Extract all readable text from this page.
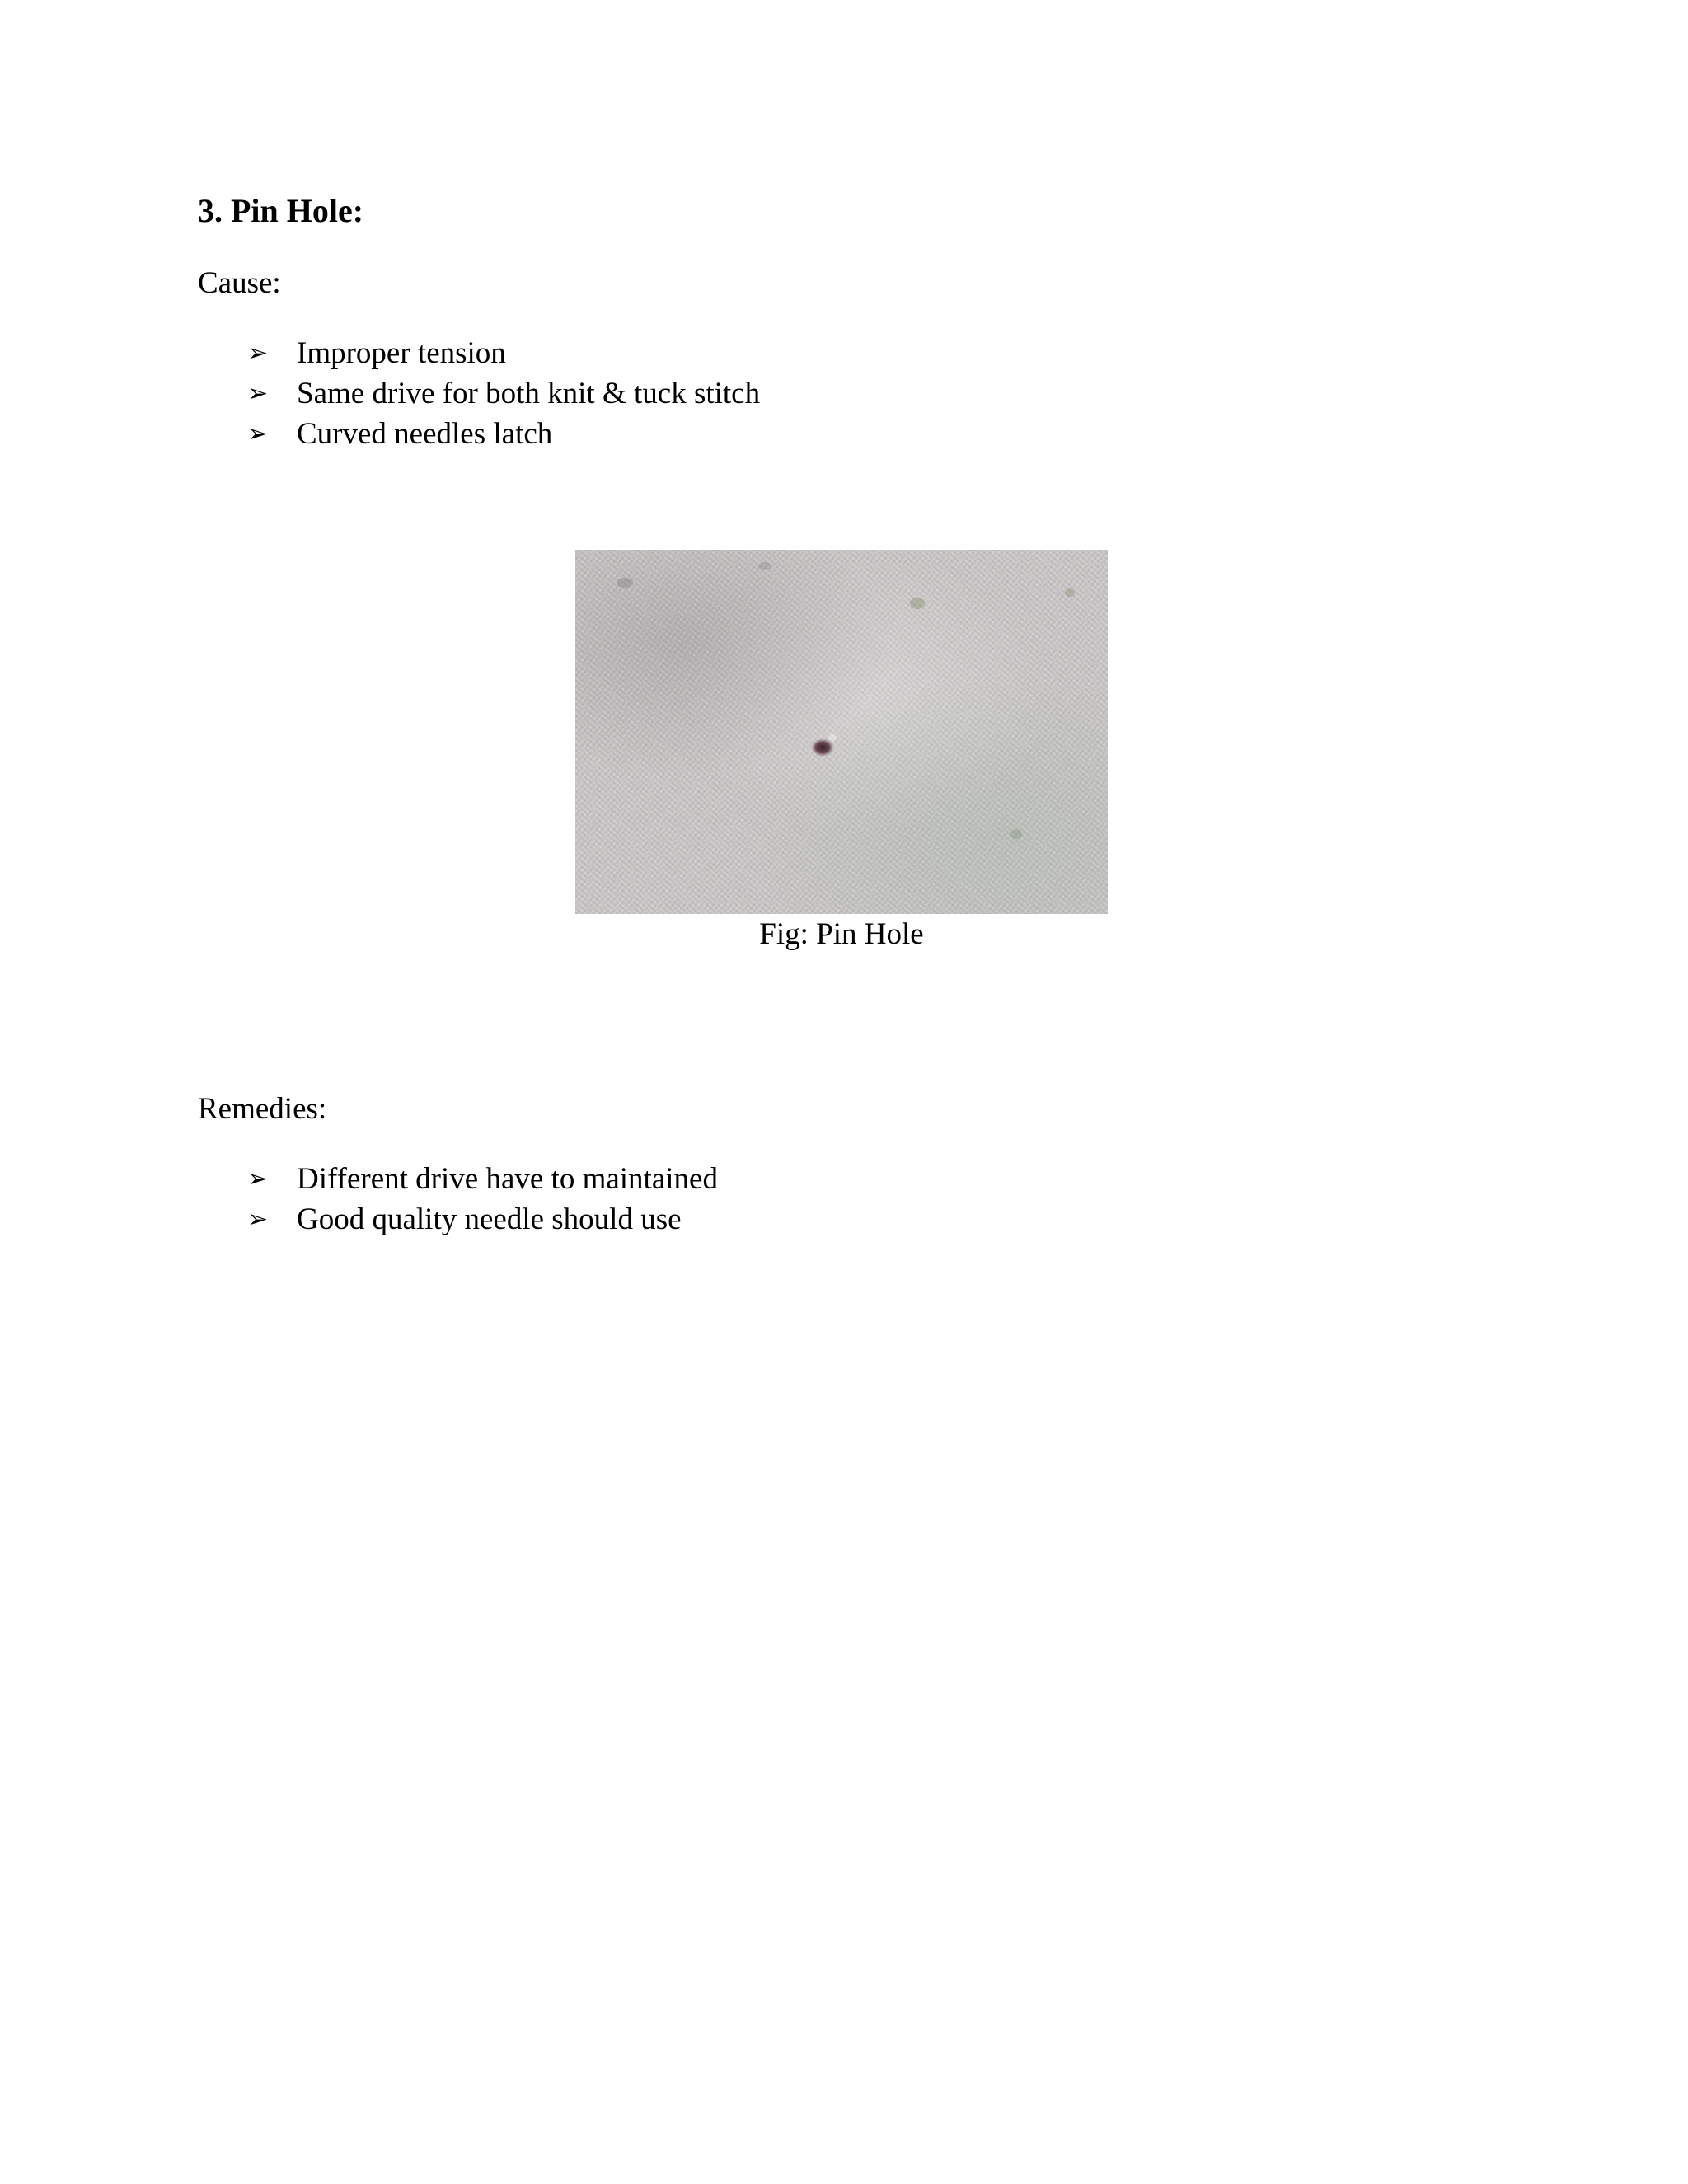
3. Pin Hole:

Cause:

➢ Improper tension
➢ Same drive for both knit & tuck stitch
➢ Curved needles latch

Fig: Pin Hole

Remedies:

➢ Different drive have to maintained
➢ Good quality needle should use
